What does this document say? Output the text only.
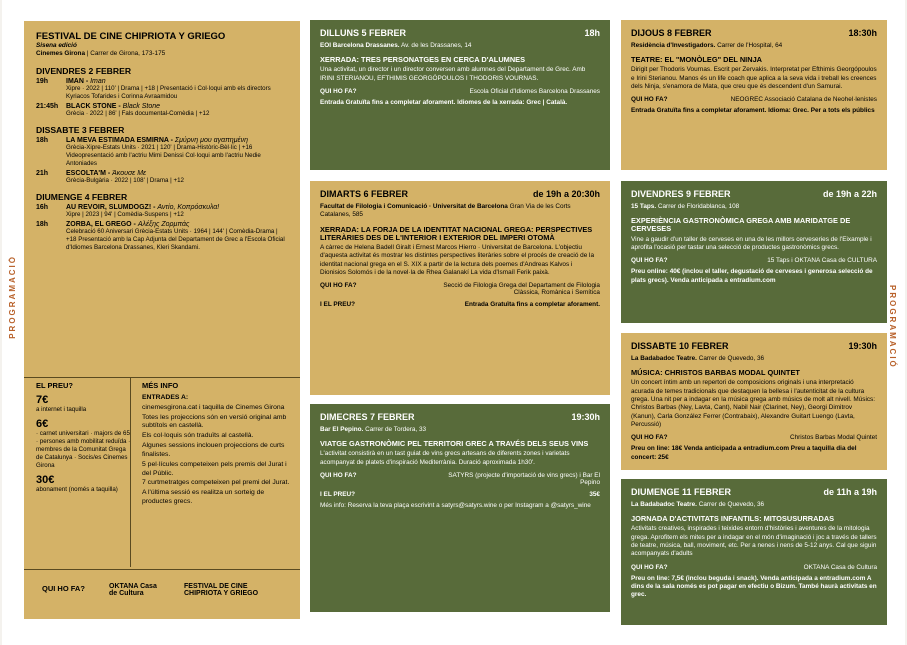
FESTIVAL DE CINE CHIPRIOTA Y GRIEGO
Sisena edició
Cinemes Girona | Carrer de Girona, 173-175
DIVENDRES 2 FEBRER
19h	IMAN - Iman
Xipre · 2022 | 110' | Drama | +18 | Presentació i Col·loqui amb els directors Kyriacos Tofarides i Corinna Avraamidou
21:45h BLACK STONE - Black Stone
Grècia · 2022 | 86' | Fals documental-Comèdia | +12
DISSABTE 3 FEBRER
18h	LA MEVA ESTIMADA ESMIRNA - Σμύρνη μου αγαπημένη
Grècia-Xipre-Estats Units · 2021 | 120' | Drama-Històric-Bèl·lic | +16 Videopresentació amb l'actriu Mimi Denissi Col·loqui amb l'actriu Nedie Antoniades
21h	ESCOLTA'M - Άκουσε Με
Grècia-Bulgària · 2022 | 108' | Drama | +12
DIUMENGE 4 FEBRER
16h	AU REVOIR, SLUMDOGZ! - Αντίο, Κοπρόσκυλα!
Xipre | 2023 | 94' | Comèdia-Suspens | +12
18h	ZORBA, EL GREGO - Αλέξης Ζορμπάς
Celebració 60 Aniversari Grècia-Estats Units · 1964 | 144' | Comèdia-Drama | +18 Presentació amb la Cap Adjunta del Departament de Grec a l'Escola Oficial d'Idiomes Barcelona Drassanes, Kleri Skandami.
EL PREU?
7€
a internet i taquilla
6€
· carnet universitari · majors de 65 · persones amb mobilitat reduïda · membres de la Comunitat Grega de Catalunya · Socis/es Cinemes Girona
30€
abonament (només a taquilla)
MÉS INFO
ENTRADES A:
cinemesgirona.cat i taquilla de Cinemes Girona
Totes les projeccions són en versió original amb subtítols en castellà.
Els col·loquis són traduïts al castellà.
Algunes sessions inclouen projeccions de curts finalistes.
5 pel·lícules competeixen pels premis del Jurat i del Públic.
7 curtmetratges competeixen pel premi del Jurat.
A l'última sessió es realitza un sorteig de productes grecs.
QUI HO FA?	OKTANA Casa de Cultura
FESTIVAL DE CINE CHIPRIOTA Y GRIEGO
PROGRAMACIÓ	PROGRAMACIÓ
DILLUNS 5 FEBRER	18h
EOI Barcelona Drassanes. Av. de les Drassanes, 14
XERRADA: TRES PERSONATGES EN CERCA D'ALUMNES
Una activitat, un director i un director conversen amb alumnes del Departament de Grec. Amb IRINI STERIANOU, EFTHIMIS GEORGÓPOULOS I THODORIS VOURNAS.
QUI HO FA?	Escola Oficial d'Idiomes Barcelona Drassanes
Entrada Gratuïta fins a completar aforament. Idiomes de la xerrada: Grec | Català.
DIMARTS 6 FEBRER	de 19h a 20:30h
Facultat de Filologia i Comunicació · Universitat de Barcelona Gran Via de les Corts Catalanes, 585
XERRADA: LA FORJA DE LA IDENTITAT NACIONAL GREGA: PERSPECTIVES LITERÀRIES DES DE L'INTERIOR I EXTERIOR DEL IMPERI OTOMÀ
A càrrec de Helena Badell Giralt i Ernest Marcos Hierro · Universitat de Barcelona. L'objectiu d'aquesta activitat és mostrar les distintes perspectives literàries sobre el procés de creació de la identitat nacional grega en el S. XIX a partir de la lectura dels poemes d'Andreas Kalvos i Dionisios Solomós i de la novel·la de Rhea Galanakí La vida d'Ismaíl Ferik paixà.
QUI HO FA?	Secció de Filologia Grega del Departament de Filologia Clàssica, Romànica i Semítica
I EL PREU?	Entrada Gratuïta fins a completar aforament.
DIMECRES 7 FEBRER	19:30h
Bar El Pepino. Carrer de Tordera, 33
VIATGE GASTRONÒMIC PEL TERRITORI GREC A TRAVÉS DELS SEUS VINS
L'activitat consistirà en un tast guiat de vins grecs artesans de diferents zones i varietats acompanyat de platets d'inspiració Mediterrània. Duració aproximada 1h30'.
QUI HO FA?	SATYRS (projecte d'importació de vins grecs) i Bar El Pepino
I EL PREU?	35€
Més info: Reserva la teva plaça escrivint a satyrs@satyrs.wine o per Instagram a @satyrs_wine
DIJOUS 8 FEBRER	18:30h
Residència d'Investigadors. Carrer de l'Hospital, 64
TEATRE: EL "MONÒLEG" DEL NINJA
Dirigit per Thodoris Vournas. Escrit per Zervakis. Interpretat per Efthimis Georgópoulos e Irini Sterianou. Manos és un life coach que aplica a la seva vida i treball les creences dels Ninja, s'enamora de Mata, que creu que és descendent d'un Samurai.
QUI HO FA?	NEOGREC Associació Catalana de Neohel·lenistes
Entrada Gratuïta fins a completar aforament. Idioma: Grec. Per a tots els públics
DIVENDRES 9 FEBRER	de 19h a 22h
15 Taps. Carrer de Floridablanca, 108
EXPERIÈNCIA GASTRONÒMICA GREGA AMB MARIDATGE DE CERVESES
Vine a gaudir d'un taller de cerveses en una de les millors cerveseries de l'Eixample i aprofita l'ocasió per tastar una selecció de productes gastronòmics grecs.
QUI HO FA?	15 Taps i OKTANA Casa de CULTURA
Preu online: 40€ (inclou el taller, degustació de cerveses i generosa selecció de plats grecs). Venda anticipada a entradium.com
DISSABTE 10 FEBRER	19:30h
La Badabadoc Teatre. Carrer de Quevedo, 36
MÚSICA: CHRISTOS BARBAS MODAL QUINTET
Un concert íntim amb un repertori de composicions originals i una interpretació acurada de temes tradicionals que destaquen la bellesa i l'autenticitat de la cultura grega. Una nit per a indagar en la música grega amb músics de molt alt nivell. Músics: Christos Barbas (Ney, Lavta, Cant), Nabil Nair (Clarinet, Ney), Georgi Dimitrov (Kanun), Carla González Ferrer (Contrabaix), Alexandre Guitart Luengo (Lavta, Percussió)
QUI HO FA?	Christos Barbas Modal Quintet
Preu on line: 18€ Venda anticipada a entradium.com Preu a taquilla dia del concert: 25€
DIUMENGE 11 FEBRER	de 11h a 19h
La Badabadoc Teatre. Carrer de Quevedo, 36
JORNADA D'ACTIVITATS INFANTILS: MITOSUSURRADAS
Activitats creatives, inspirades i teixides entorn d'històries i aventures de la mitologia grega. Aprofitem els mites per a indagar en el món d'imaginació i joc a través de tallers de teatre, música, ball, moviment, etc. Per a nenes i nens de 5-12 anys. Cal que siguin acompanyats d'adults
QUI HO FA?	OKTANA Casa de Cultura
Preu on line: 7,5€ (inclou beguda i snack). Venda anticipada a entradium.com A dins de la sala només es pot pagar en efectiu o Bizum. També haurà activitats en grec.
